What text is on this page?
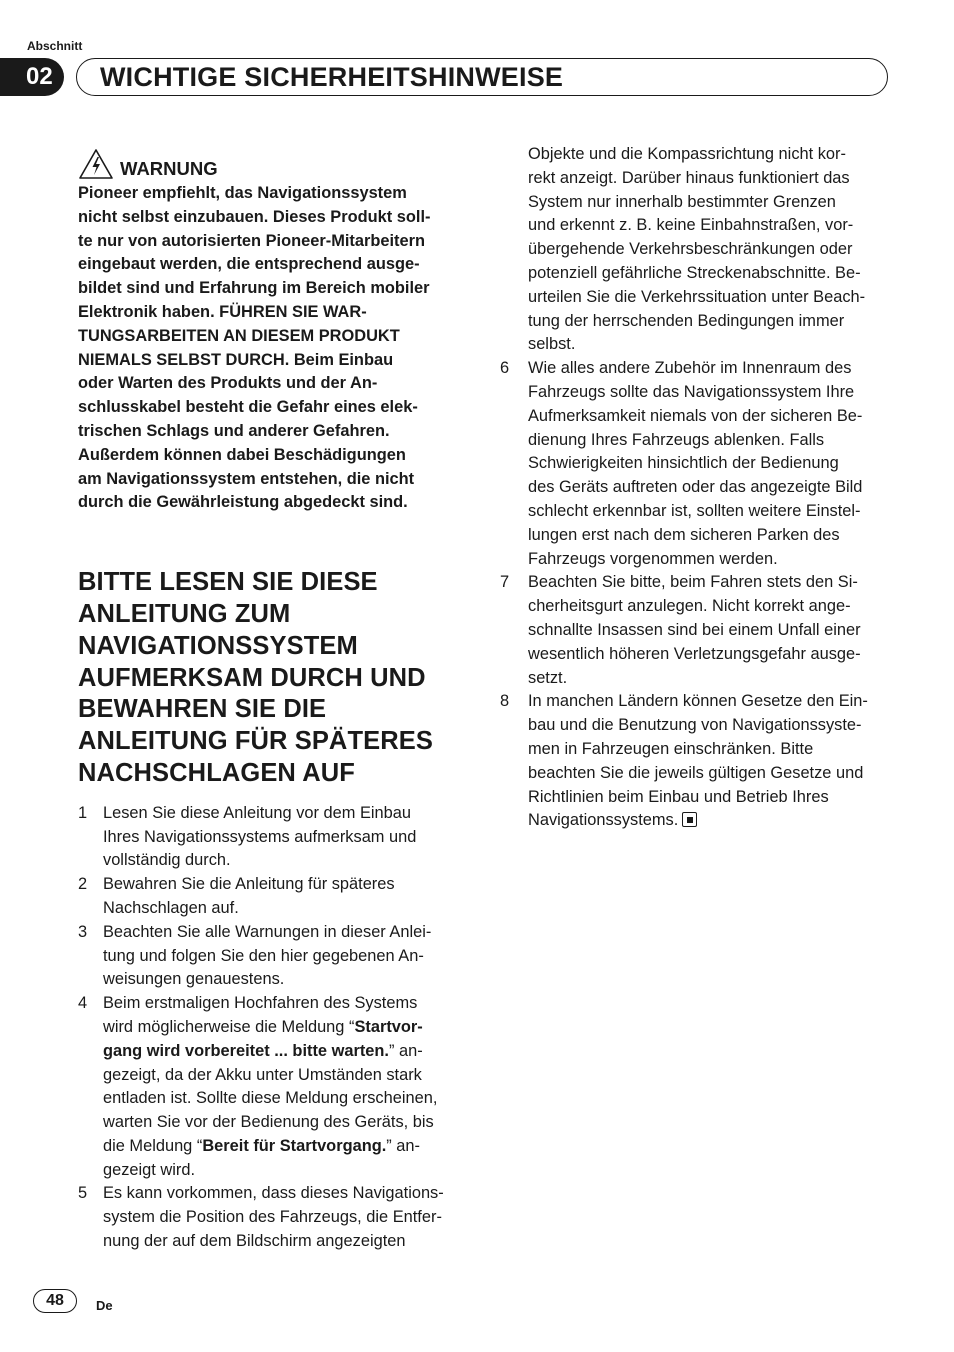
Abschnitt
02	WICHTIGE SICHERHEITSHINWEISE
WARNUNG
Pioneer empfiehlt, das Navigationssystem
nicht selbst einzubauen. Dieses Produkt soll-
te nur von autorisierten Pioneer-Mitarbeitern
eingebaut werden, die entsprechend ausge-
bildet sind und Erfahrung im Bereich mobiler
Elektronik haben. FÜHREN SIE WAR-
TUNGSARBEITEN AN DIESEM PRODUKT
NIEMALS SELBST DURCH. Beim Einbau
oder Warten des Produkts und der An-
schlusskabel besteht die Gefahr eines elek-
trischen Schlags und anderer Gefahren.
Außerdem können dabei Beschädigungen
am Navigationssystem entstehen, die nicht
durch die Gewährleistung abgedeckt sind.
BITTE LESEN SIE DIESE
ANLEITUNG ZUM
NAVIGATIONSSYSTEM
AUFMERKSAM DURCH UND
BEWAHREN SIE DIE
ANLEITUNG FÜR SPÄTERES
NACHSCHLAGEN AUF
1 Lesen Sie diese Anleitung vor dem Einbau
Ihres Navigationssystems aufmerksam und
vollständig durch.
2 Bewahren Sie die Anleitung für späteres
Nachschlagen auf.
3 Beachten Sie alle Warnungen in dieser Anlei-
tung und folgen Sie den hier gegebenen An-
weisungen genauestens.
4 Beim erstmaligen Hochfahren des Systems
wird möglicherweise die Meldung “Startvor-
gang wird vorbereitet ... bitte warten.” an-
gezeigt, da der Akku unter Umständen stark
entladen ist. Sollte diese Meldung erscheinen,
warten Sie vor der Bedienung des Geräts, bis
die Meldung “Bereit für Startvorgang.” an-
gezeigt wird.
5 Es kann vorkommen, dass dieses Navigations-
system die Position des Fahrzeugs, die Entfer-
nung der auf dem Bildschirm angezeigten
Objekte und die Kompassrichtung nicht kor-
rekt anzeigt. Darüber hinaus funktioniert das
System nur innerhalb bestimmter Grenzen
und erkennt z. B. keine Einbahnstraßen, vor-
übergehende Verkehrsbeschränkungen oder
potenziell gefährliche Streckenabschnitte. Be-
urteilen Sie die Verkehrssituation unter Beach-
tung der herrschenden Bedingungen immer
selbst.
6	Wie alles andere Zubehör im Innenraum des
Fahrzeugs sollte das Navigationssystem Ihre
Aufmerksamkeit niemals von der sicheren Be-
dienung Ihres Fahrzeugs ablenken. Falls
Schwierigkeiten hinsichtlich der Bedienung
des Geräts auftreten oder das angezeigte Bild
schlecht erkennbar ist, sollten weitere Einstel-
lungen erst nach dem sicheren Parken des
Fahrzeugs vorgenommen werden.
7	Beachten Sie bitte, beim Fahren stets den Si-
cherheitsgurt anzulegen. Nicht korrekt ange-
schnallte Insassen sind bei einem Unfall einer
wesentlich höheren Verletzungsgefahr ausge-
setzt.
8	In manchen Ländern können Gesetze den Ein-
bau und die Benutzung von Navigationssyste-
men in Fahrzeugen einschränken. Bitte
beachten Sie die jeweils gültigen Gesetze und
Richtlinien beim Einbau und Betrieb Ihres
Navigationssystems.
48	De
